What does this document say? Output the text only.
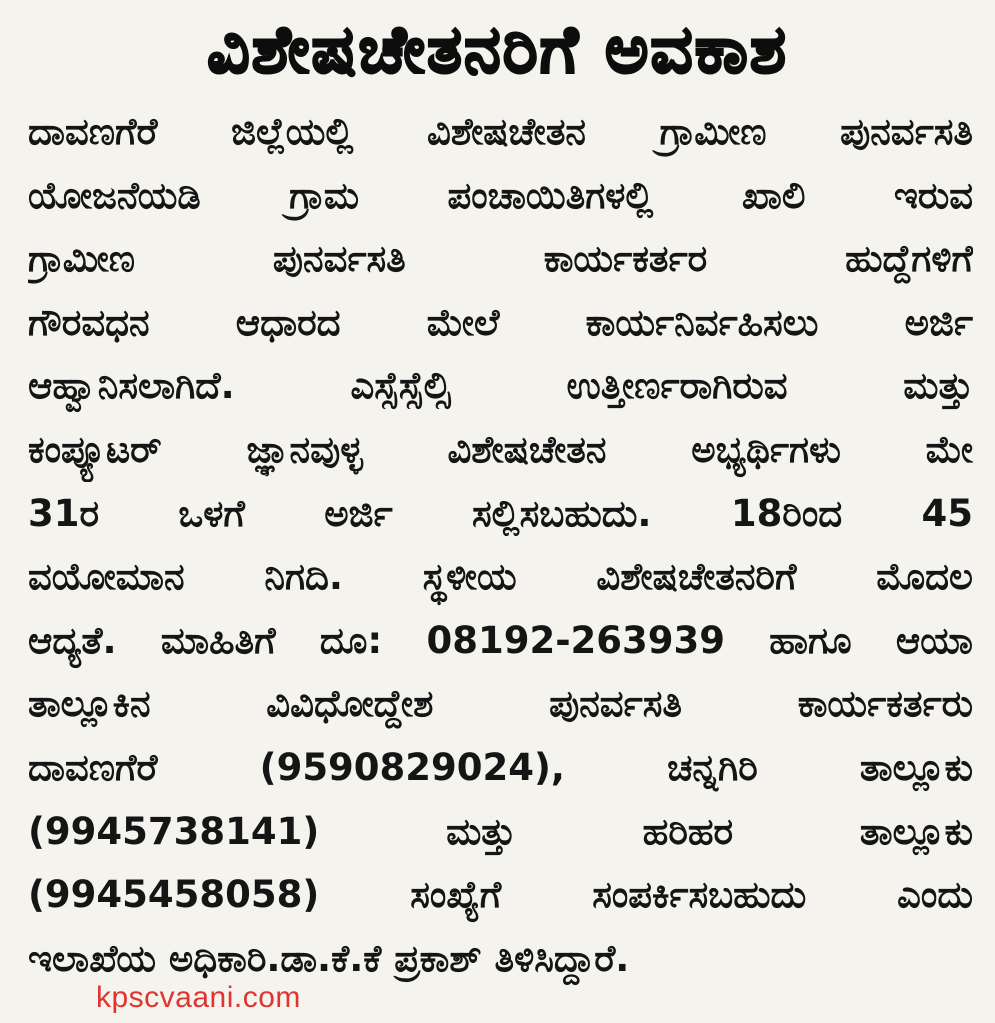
ವಿಶೇಷಚೇತನರಿಗೆ ಅವಕಾಶ
ದಾವಣಗೆರೆ ಜಿಲ್ಲೆಯಲ್ಲಿ ವಿಶೇಷಚೇತನ ಗ್ರಾಮೀಣ ಪುನರ್ವಸತಿ
ಯೋಜನೆಯಡಿ ಗ್ರಾಮ ಪಂಚಾಯಿತಿಗಳಲ್ಲಿ ಖಾಲಿ ಇರುವ
ಗ್ರಾಮೀಣ ಪುನರ್ವಸತಿ ಕಾರ್ಯಕರ್ತರ ಹುದ್ದೆಗಳಿಗೆ
ಗೌರವಧನ ಆಧಾರದ ಮೇಲೆ ಕಾರ್ಯನಿರ್ವಹಿಸಲು ಅರ್ಜಿ
ಆಹ್ವಾನಿಸಲಾಗಿದೆ. ಎಸ್ಸೆಸ್ಸೆಲ್ಸಿ ಉತ್ತೀರ್ಣರಾಗಿರುವ ಮತ್ತು
ಕಂಪ್ಯೂಟರ್ ಜ್ಞಾನವುಳ್ಳ ವಿಶೇಷಚೇತನ ಅಭ್ಯರ್ಥಿಗಳು ಮೇ
31ರ ಒಳಗೆ ಅರ್ಜಿ ಸಲ್ಲಿಸಬಹುದು. 18ರಿಂದ 45
ವಯೋಮಾನ ನಿಗದಿ. ಸ್ಥಳೀಯ ವಿಶೇಷಚೇತನರಿಗೆ ಮೊದಲ
ಆದ್ಯತೆ. ಮಾಹಿತಿಗೆ ದೂ: 08192-263939 ಹಾಗೂ ಆಯಾ
ತಾಲ್ಲೂಕಿನ ವಿವಿಧೋದ್ದೇಶ ಪುನರ್ವಸತಿ ಕಾರ್ಯಕರ್ತರು
ದಾವಣಗೆರೆ (9590829024), ಚನ್ನಗಿರಿ ತಾಲ್ಲೂಕು
(9945738141) ಮತ್ತು ಹರಿಹರ ತಾಲ್ಲೂಕು
(9945458058) ಸಂಖ್ಯೆಗೆ ಸಂಪರ್ಕಿಸಬಹುದು ಎಂದು
ಇಲಾಖೆಯ ಅಧಿಕಾರಿ.ಡಾ.ಕೆ.ಕೆ ಪ್ರಕಾಶ್ ತಿಳಿಸಿದ್ದಾರೆ.
kpscvaani.com
